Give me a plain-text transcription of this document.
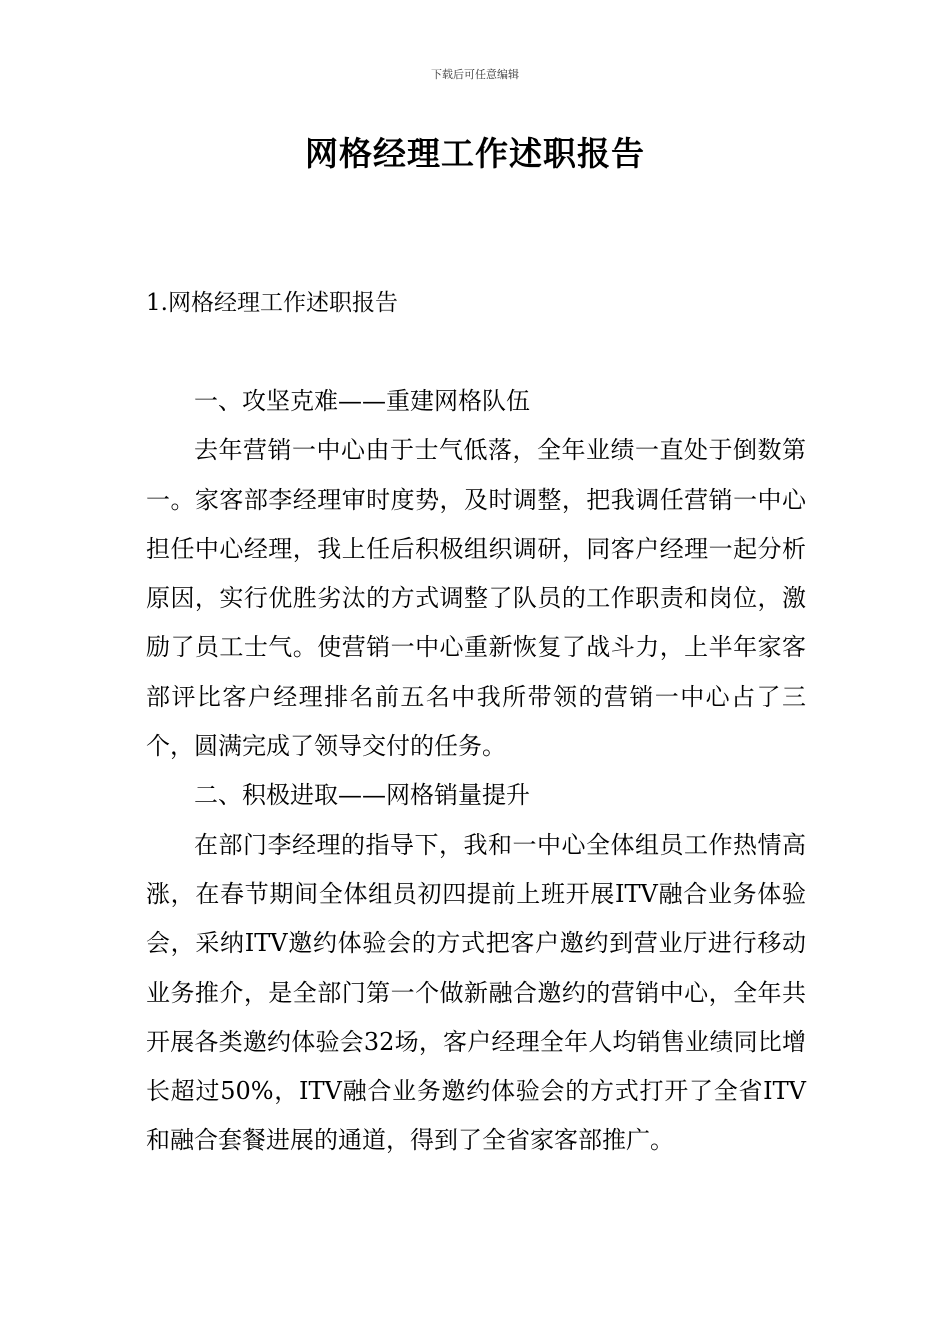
下载后可任意编辑
网格经理工作述职报告
1.网格经理工作述职报告

一、攻坚克难——重建网格队伍

去年营销一中心由于士气低落，全年业绩一直处于倒数第一。家客部李经理审时度势，及时调整，把我调任营销一中心担任中心经理，我上任后积极组织调研，同客户经理一起分析原因，实行优胜劣汰的方式调整了队员的工作职责和岗位，激励了员工士气。使营销一中心重新恢复了战斗力，上半年家客部评比客户经理排名前五名中我所带领的营销一中心占了三个，圆满完成了领导交付的任务。

二、积极进取——网格销量提升

在部门李经理的指导下，我和一中心全体组员工作热情高涨，在春节期间全体组员初四提前上班开展ITV融合业务体验会，采纳ITV邀约体验会的方式把客户邀约到营业厅进行移动业务推介，是全部门第一个做新融合邀约的营销中心，全年共开展各类邀约体验会32场，客户经理全年人均销售业绩同比增长超过50%，ITV融合业务邀约体验会的方式打开了全省ITV和融合套餐进展的通道，得到了全省家客部推广。
